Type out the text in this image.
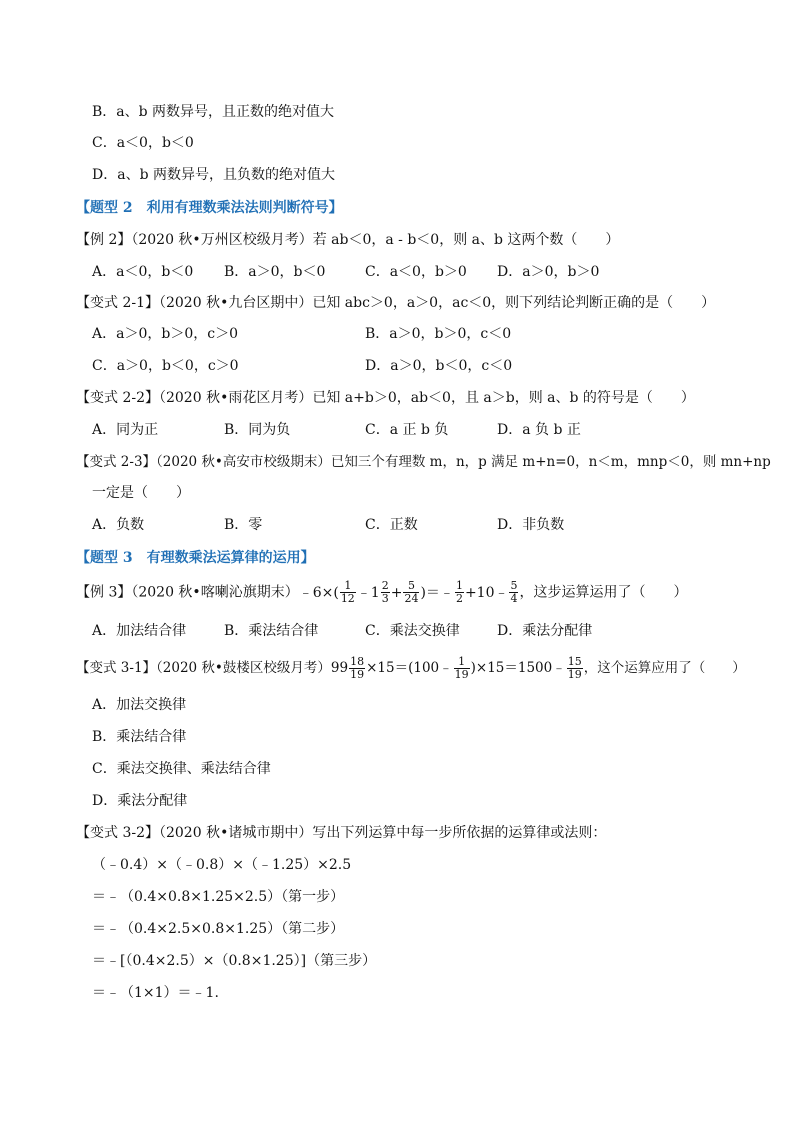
B．a、b 两数异号，且正数的绝对值大
C．a＜0，b＜0
D．a、b 两数异号，且负数的绝对值大
【题型 2　利用有理数乘法法则判断符号】
【例 2】（2020 秋•万州区校级月考）若 ab＜0，a - b＜0，则 a、b 这两个数（　　）
A．a＜0，b＜0 B．a＞0，b＜0	C．a＜0，b＞0 D．a＞0，b＞0
【变式 2-1】（2020 秋•九台区期中）已知 abc＞0，a＞0，ac＜0，则下列结论判断正确的是（　　）
A．a＞0，b＞0，c＞0	B．a＞0，b＞0，c＜0
C．a＞0，b＜0，c＞0	D．a＞0，b＜0，c＜0
【变式 2-2】（2020 秋•雨花区月考）已知 a+b＞0，ab＜0，且 a＞b，则 a、b 的符号是（　　）
A．同为正	B．同为负	C．a 正 b 负	D．a 负 b 正
【变式 2-3】（2020 秋•高安市校级期末）已知三个有理数 m，n，p 满足 m+n=0，n＜m，mnp＜0，则 mn+np
一定是（　　）
A．负数	B．零	C．正数	D．非负数
【题型 3　有理数乘法运算律的运用】
【例 3】（2020 秋•喀喇沁旗期末）﹣6×( $\frac{1}{12}$ ﹣1 $\frac{2}{3} + \frac{5}{24}$ )＝﹣ $\frac{1}{2}$ +10﹣ $\frac{5}{4}$ ，这步运算运用了（　　）
A．加法结合律	B．乘法结合律	C．乘法交换律	D．乘法分配律
【变式 3-1】（2020 秋•鼓楼区校级月考）$99 \frac{18}{19}$ ×15＝(100﹣ $\frac{1}{19}$ )×15＝1500﹣ $\frac{15}{19}$ ，这个运算应用了（　　）
A．加法交换律
B．乘法结合律
C．乘法交换律、乘法结合律
D．乘法分配律
【变式 3-2】（2020 秋•诸城市期中）写出下列运算中每一步所依据的运算律或法则：
（﹣0.4）×（﹣0.8）×（﹣1.25）×2.5
＝﹣（0.4×0.8×1.25×2.5）（第一步）
＝﹣（0.4×2.5×0.8×1.25）（第二步）
＝﹣[（0.4×2.5）×（0.8×1.25）]（第三步）
＝﹣（1×1）＝﹣1.
